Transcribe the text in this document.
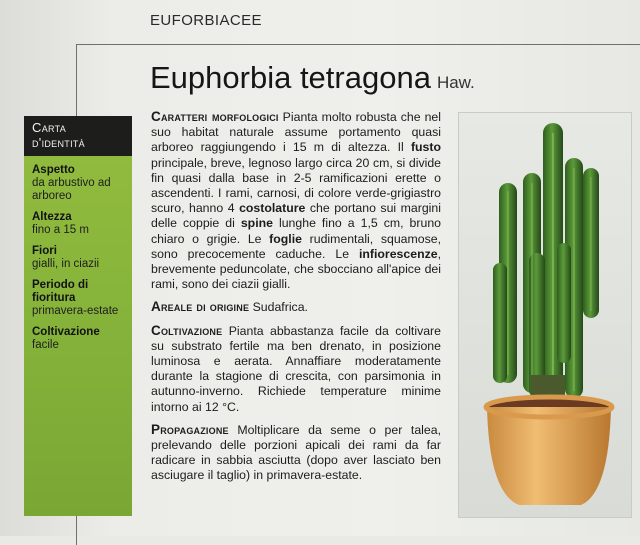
EUFORBIACEE
Euphorbia tetragona Haw.
Carta
d'identità
Aspetto
da arbustivo ad arboreo
Altezza
fino a 15 m
Fiori
gialli, in ciazii
Periodo di fioritura
primavera-estate
Coltivazione
facile

Caratteri morfologici Pianta molto robusta che nel suo habitat naturale assume portamento quasi arboreo raggiungendo i 15 m di altezza. Il fusto principale, breve, legnoso largo circa 20 cm, si divide fin quasi dalla base in 2-5 ramificazioni erette o ascendenti. I rami, carnosi, di colore verde-grigiastro scuro, hanno 4 costolature che portano sui margini delle coppie di spine lunghe fino a 1,5 cm, bruno chiaro o grigie. Le foglie rudimentali, squamose, sono precocemente caduche. Le infiorescenze, brevemente peduncolate, che sbocciano all'apice dei rami, sono dei ciazii gialli.

Areale di origine Sudafrica.

Coltivazione Pianta abbastanza facile da coltivare su substrato fertile ma ben drenato, in posizione luminosa e aerata. Annaffiare moderatamente durante la stagione di crescita, con parsimonia in autunno-inverno. Richiede temperature minime intorno ai 12 °C.

Propagazione Moltiplicare da seme o per talea, prelevando delle porzioni apicali dei rami da far radicare in sabbia asciutta (dopo aver lasciato ben asciugare il taglio) in primavera-estate.
